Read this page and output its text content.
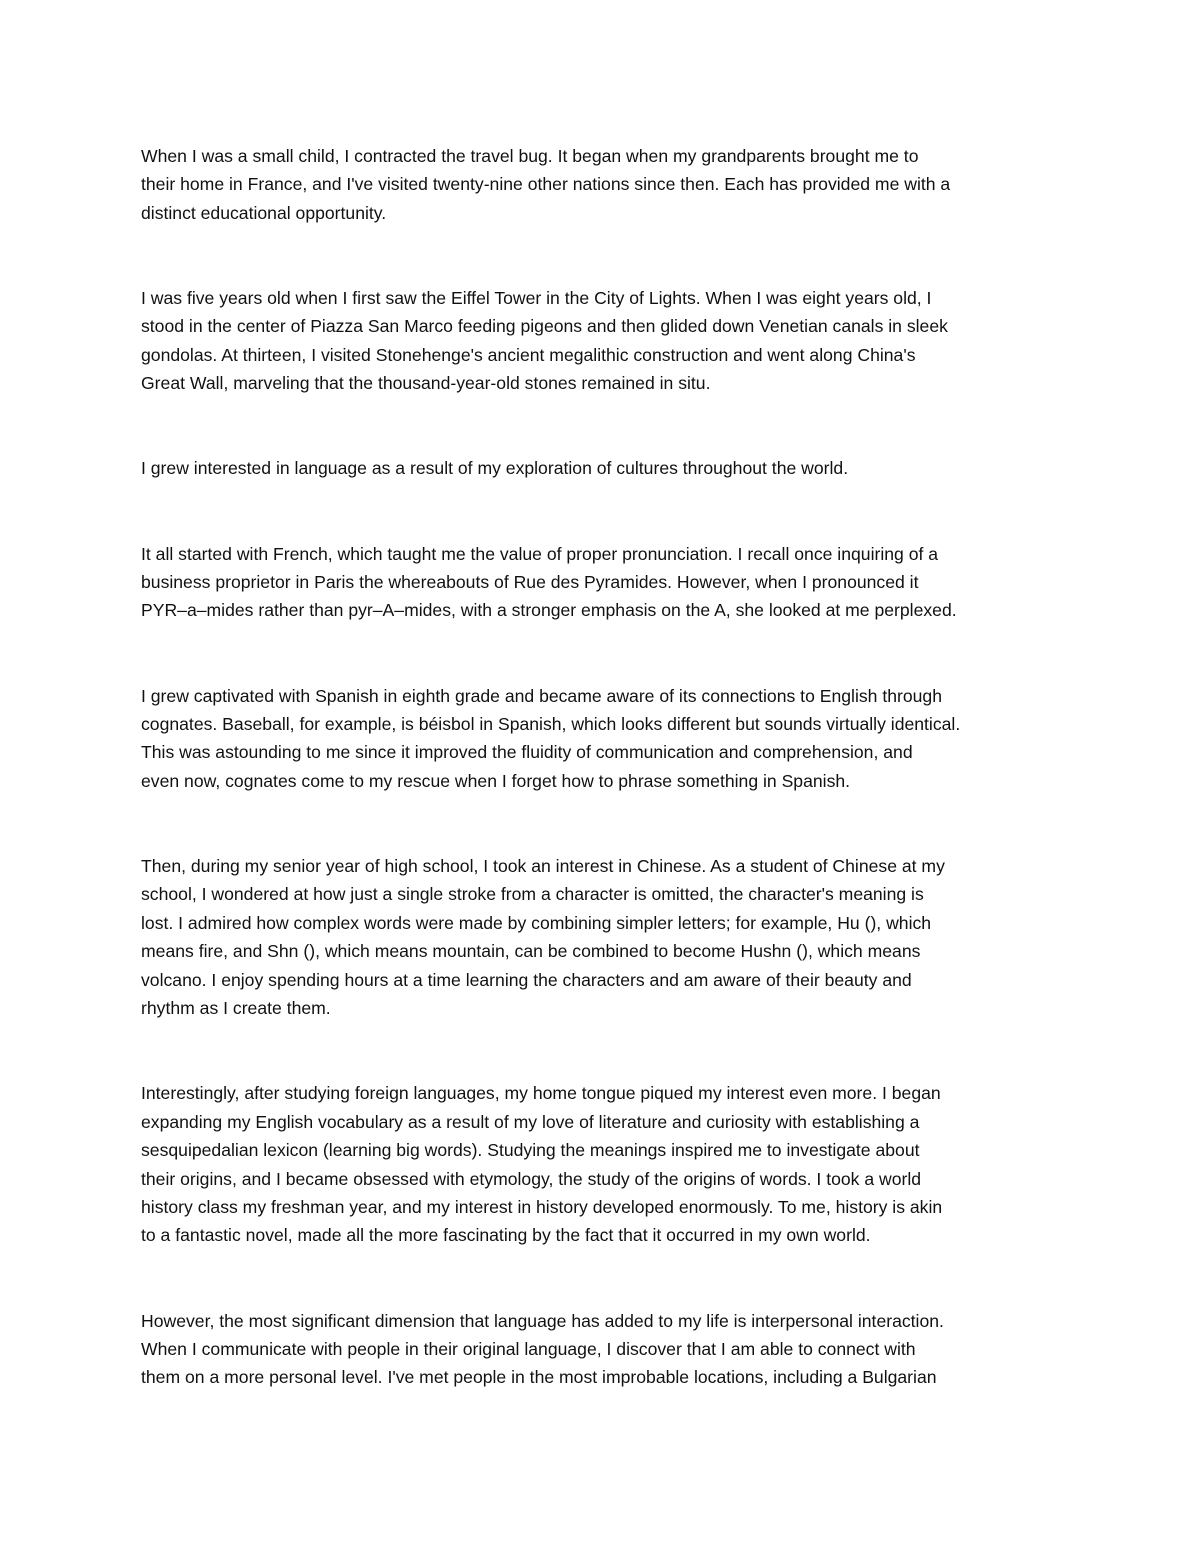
When I was a small child, I contracted the travel bug. It began when my grandparents brought me to
their home in France, and I've visited twenty-nine other nations since then. Each has provided me with a
distinct educational opportunity.

I was five years old when I first saw the Eiffel Tower in the City of Lights. When I was eight years old, I
stood in the center of Piazza San Marco feeding pigeons and then glided down Venetian canals in sleek
gondolas. At thirteen, I visited Stonehenge's ancient megalithic construction and went along China's
Great Wall, marveling that the thousand-year-old stones remained in situ.

I grew interested in language as a result of my exploration of cultures throughout the world.

It all started with French, which taught me the value of proper pronunciation. I recall once inquiring of a
business proprietor in Paris the whereabouts of Rue des Pyramides. However, when I pronounced it
PYR–a–mides rather than pyr–A–mides, with a stronger emphasis on the A, she looked at me perplexed.

I grew captivated with Spanish in eighth grade and became aware of its connections to English through
cognates. Baseball, for example, is béisbol in Spanish, which looks different but sounds virtually identical.
This was astounding to me since it improved the fluidity of communication and comprehension, and
even now, cognates come to my rescue when I forget how to phrase something in Spanish.

Then, during my senior year of high school, I took an interest in Chinese. As a student of Chinese at my
school, I wondered at how just a single stroke from a character is omitted, the character's meaning is
lost. I admired how complex words were made by combining simpler letters; for example, Hu (), which
means fire, and Shn (), which means mountain, can be combined to become Hushn (), which means
volcano. I enjoy spending hours at a time learning the characters and am aware of their beauty and
rhythm as I create them.

Interestingly, after studying foreign languages, my home tongue piqued my interest even more. I began
expanding my English vocabulary as a result of my love of literature and curiosity with establishing a
sesquipedalian lexicon (learning big words). Studying the meanings inspired me to investigate about
their origins, and I became obsessed with etymology, the study of the origins of words. I took a world
history class my freshman year, and my interest in history developed enormously. To me, history is akin
to a fantastic novel, made all the more fascinating by the fact that it occurred in my own world.

However, the most significant dimension that language has added to my life is interpersonal interaction.
When I communicate with people in their original language, I discover that I am able to connect with
them on a more personal level. I've met people in the most improbable locations, including a Bulgarian
